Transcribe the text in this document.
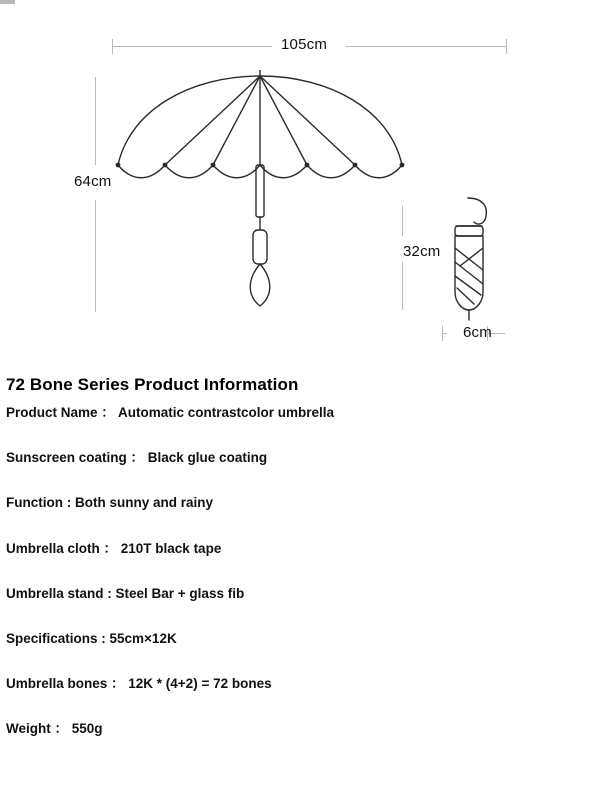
105cm
64cm
32cm
6cm
72 Bone Series Product Information
Product Name ： Automatic contrastcolor umbrella
Sunscreen coating ： Black glue coating
Function : Both sunny and rainy
Umbrella cloth ： 210T black tape
Umbrella stand : Steel Bar + glass fib
Specifications : 55cm×12K
Umbrella bones ： 12K * (4+2) = 72 bones
Weight ： 550g
